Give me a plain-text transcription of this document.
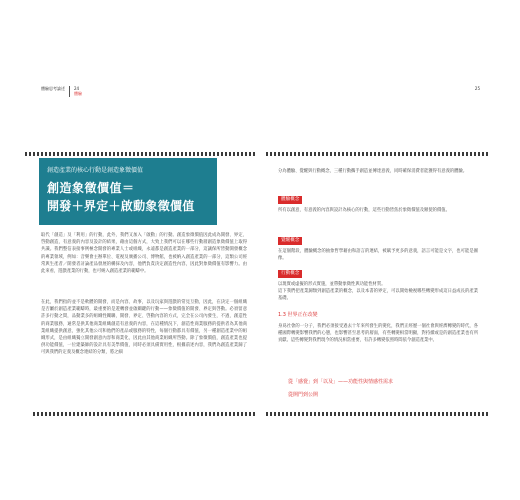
體驗思考論述 24
體驗
創造產業的核心行動是創造象徵價值
創造象徵價值＝
開發＋界定＋啟動象徵價值
取代「創造」及「利用」的行動，此外，我們又加入「啟動」的行動。創造象徵價值因此成為開發、界定、啓動創造，有意義的內容及設計的結果，藉由這個方式，大致上我們可以在哪些行動層創造象徵價值上取得共識。我們整信表接事例極念開發的專業人士或組織，永遠都是創造產業的一部分，這讓保所皆動開發概念的專業領域，例如：音樂會主辦單位、電視及廣播公司、博物館，也被納入創造產業的一部分，這類公司經常與生產者／開發者討論產品發展的構採及內容，他們負責決定創造性內容，因此對象徵價值有影響力。由此來看，遊戲產業的行動，也可納入創造產業的範疇中。
在此，我們指的並不是軟體的開發，而是內容、故事，以及玩家與遊戲的常見互動，因此，在決定一個組織是否屬於創造產業範疇時，最重要的是遊轉發並啟關鍵的行動——象徵價值的開發、界定與啓動。必須留意許多行動之間，品動業多的組織性關聯，開發、界定、啓動內容的方式，完全在公司內發生，不過，創造性的商業服務，通常是供其他商業組織創造有意義的內容，在這種情況下，創造性商業服務的提供者為其他商業組織提供創意，強化其他公司和他們的產品或服務的特性，每個行動都具有價值，另一種創造產業中的組織形式，是由組織獨立開發創意內容和商業化，因此由其他商業組織所啓動。除了象徵價值，創造產業也提供功能價值，一位建築師的設計具有美學價值，同時必須具備實用性，根據前述內容，我們為創造產業歸了可與我們的定義及概念連結的分類，將之細
25
分為體驗、覺醒與行動概念，三種行動攜手創造並傳達意義，同時確保消費者能獲得有意義的體驗。
體驗概念
所有以創意，有意義的內容與設計為核心的行動，這些行動皆焦於象徵價值及額使的價值。
覺醒概念
在這個階段，體驗概念的抽象哲學藉由和語言的連結，被賦予更多的意義，語言可能是文字，也可能是圖像。
行動概念
以現實或虛擬的形式實施，並帶動象徵性與功能性材質。
這下我們把產業歸類到創造產業的概念，以及本書的界定，可以開始檢視哪些轉變形成這日益成長的產業基礎。
1.3 世界正在改變
身爲社會的一分子，我們必須接受過去十年來所發生的變化，我們正經歷一個社會與經濟轉變的時代，各種國際轉變影響我們的心態，也影響甚至思考的層面，有些轉變相當明顯，對持續或是的創造產業也有所貢獻。這些轉變對我們現今的情況相當重要，有許多轉變依照時間依今創造產業中。
從「感覺」到「以及」——功能性與情感性需求
從開門到公開
